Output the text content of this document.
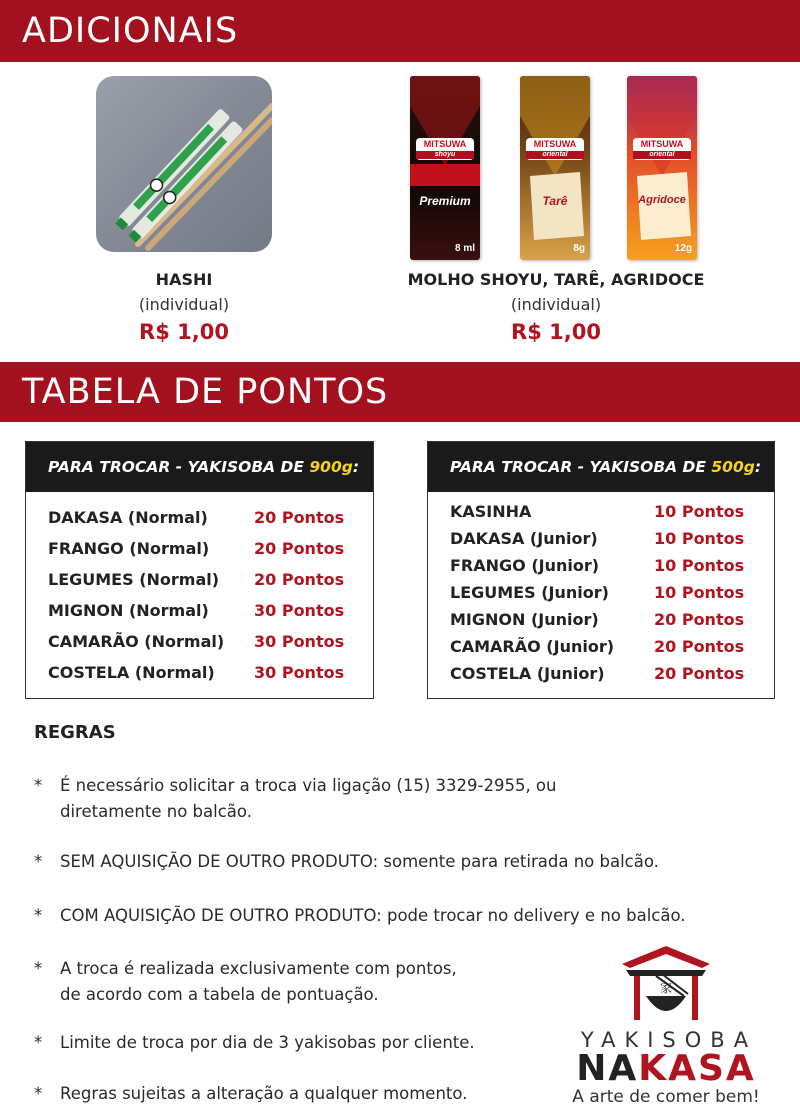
ADICIONAIS
MITSUWA
shoyu
Premium
8 ml
MITSUWA
oriental
Tarê
8g
MITSUWA
oriental
Agridoce
12g
HASHI
(individual)
R$ 1,00
MOLHO SHOYU, TARÊ, AGRIDOCE
(individual)
R$ 1,00
TABELA DE PONTOS
PARA TROCAR - YAKISOBA DE 900g:
DAKASA (Normal)	20 Pontos
FRANGO (Normal)	20 Pontos
LEGUMES (Normal) 20 Pontos
MIGNON (Normal)	30 Pontos
CAMARÃO (Normal) 30 Pontos
COSTELA (Normal) 30 Pontos
PARA TROCAR - YAKISOBA DE 500g:
KASINHA	10 Pontos
DAKASA (Junior)	10 Pontos
FRANGO (Junior)	10 Pontos
LEGUMES (Junior)	10 Pontos
MIGNON (Junior)	20 Pontos
CAMARÃO (Junior) 20 Pontos
COSTELA (Junior)	20 Pontos
REGRAS
* É necessário solicitar a troca via ligação (15) 3329-2955, ou
diretamente no balcão.
* SEM AQUISIÇÃO DE OUTRO PRODUTO: somente para retirada no balcão.
* COM AQUISIÇÃO DE OUTRO PRODUTO: pode trocar no delivery e no balcão.
* A troca é realizada exclusivamente com pontos,
de acordo com a tabela de pontuação.
* Limite de troca por dia de 3 yakisobas por cliente.
* Regras sujeitas a alteração a qualquer momento.
家
YAKISOBA
NAKASA
A arte de comer bem!
